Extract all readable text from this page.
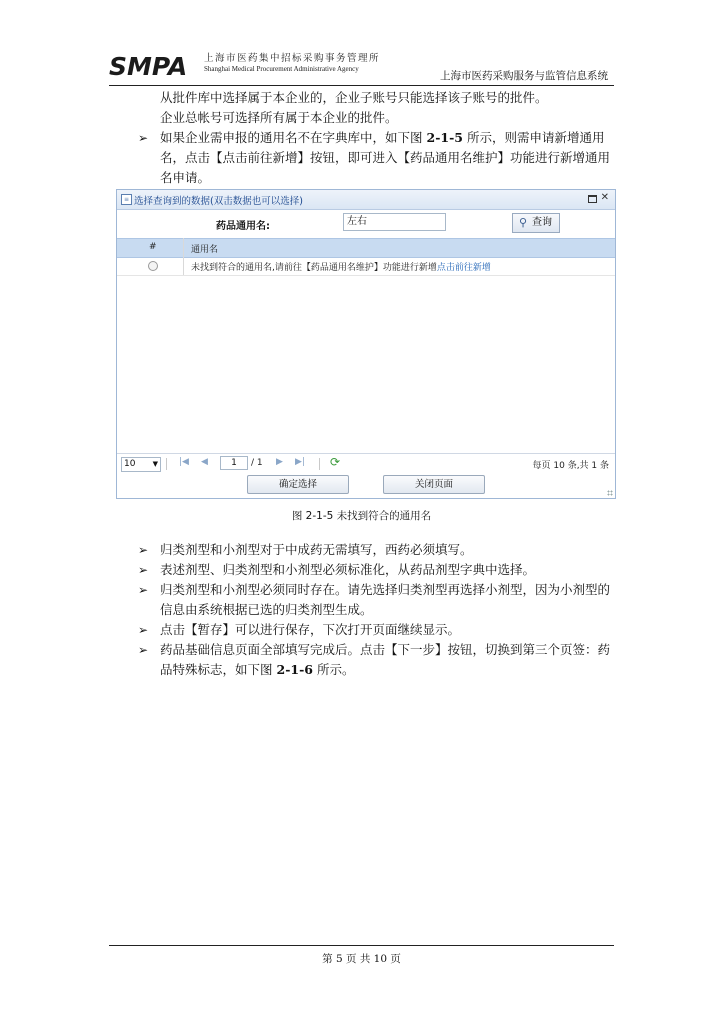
SMPA 上海市医药集中招标采购事务管理所
Shanghai Medical Procurement Administrative Agency
上海市医药采购服务与监管信息系统
从批件库中选择属于本企业的，企业子账号只能选择该子账号的批件。
企业总帐号可选择所有属于本企业的批件。
➢ 如果企业需申报的通用名不在字典库中，如下图 2-1-5 所示，则需申请新增通用名，点击【点击前往新增】按钮，即可进入【药品通用名维护】功能进行新增通用名申请。
≡ 选择查询到的数据(双击数据也可以选择)	✕
药品通用名:	左右	⚲ 查询
#	通用名
未找到符合的通用名,请前往【药品通用名维护】功能进行新增点击前往新增
10 ▼ |◀ ◀	1	/ 1 ▶ ▶| ⟳	每页 10 条,共 1 条
确定选择	关闭页面
图 2-1-5 未找到符合的通用名
➢ 归类剂型和小剂型对于中成药无需填写，西药必须填写。
➢ 表述剂型、归类剂型和小剂型必须标准化，从药品剂型字典中选择。
➢ 归类剂型和小剂型必须同时存在。请先选择归类剂型再选择小剂型，因为小剂型的信息由系统根据已选的归类剂型生成。
➢ 点击【暂存】可以进行保存，下次打开页面继续显示。
➢ 药品基础信息页面全部填写完成后。点击【下一步】按钮，切换到第三个页签：药品特殊标志，如下图 2-1-6 所示。
第 5 页 共 10 页
